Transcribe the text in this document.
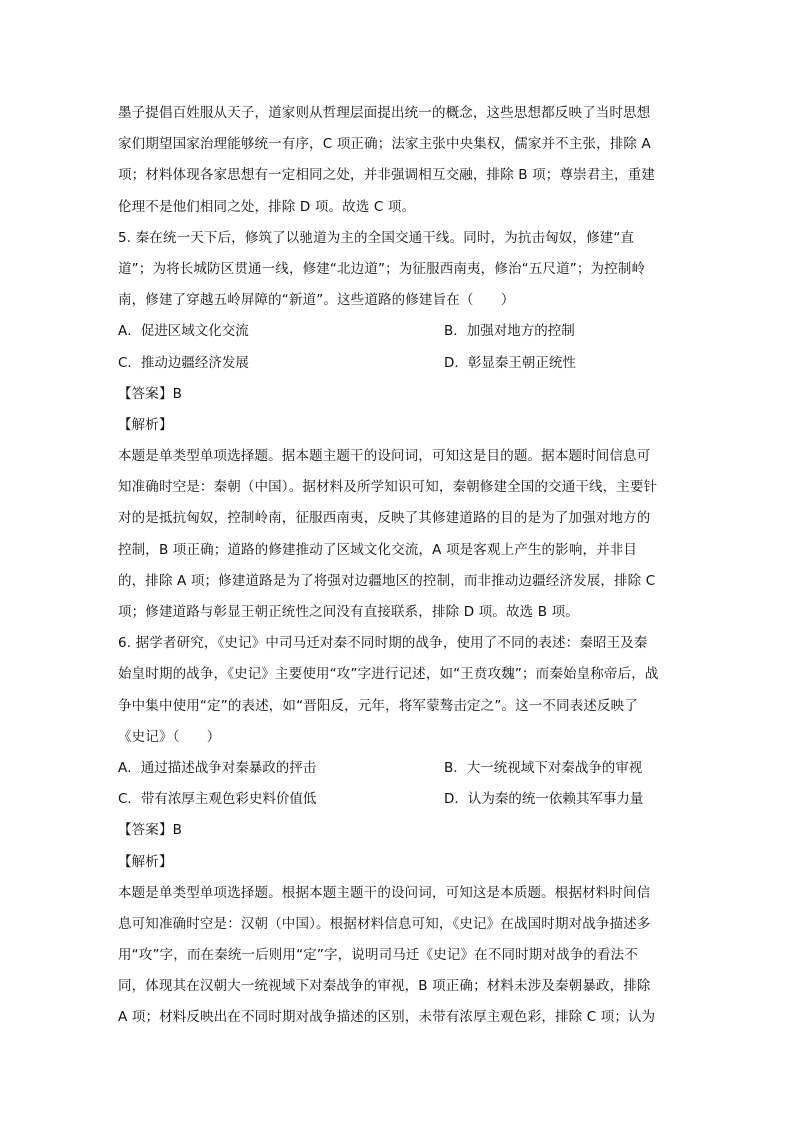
墨子提倡百姓服从天子，道家则从哲理层面提出统一的概念，这些思想都反映了当时思想
家们期望国家治理能够统一有序，C 项正确；法家主张中央集权，儒家并不主张，排除 A
项；材料体现各家思想有一定相同之处，并非强调相互交融，排除 B 项；尊崇君主，重建
伦理不是他们相同之处，排除 D 项。故选 C 项。
5. 秦在统一天下后，修筑了以驰道为主的全国交通干线。同时，为抗击匈奴，修建“直
道”；为将长城防区贯通一线，修建“北边道”；为征服西南夷，修治“五尺道”；为控制岭
南，修建了穿越五岭屏障的“新道”。这些道路的修建旨在（　　）
A．促进区域文化交流	B．加强对地方的控制
C．推动边疆经济发展	D．彰显秦王朝正统性
【答案】B
【解析】
本题是单类型单项选择题。据本题主题干的设问词，可知这是目的题。据本题时间信息可
知准确时空是：秦朝（中国）。据材料及所学知识可知，秦朝修建全国的交通干线，主要针
对的是抵抗匈奴，控制岭南，征服西南夷，反映了其修建道路的目的是为了加强对地方的
控制，B 项正确；道路的修建推动了区域文化交流，A 项是客观上产生的影响，并非目
的，排除 A 项；修建道路是为了将强对边疆地区的控制，而非推动边疆经济发展，排除 C
项；修建道路与彰显王朝正统性之间没有直接联系，排除 D 项。故选 B 项。
6. 据学者研究，《史记》中司马迁对秦不同时期的战争，使用了不同的表述：秦昭王及秦
始皇时期的战争，《史记》主要使用“攻”字进行记述，如“王贲攻魏”；而秦始皇称帝后，战
争中集中使用“定”的表述，如“晋阳反，元年，将军蒙骜击定之”。这一不同表述反映了
《史记》（　　）
A．通过描述战争对秦暴政的抨击	B．大一统视域下对秦战争的审视
C．带有浓厚主观色彩史料价值低	D．认为秦的统一依赖其军事力量
【答案】B
【解析】
本题是单类型单项选择题。根据本题主题干的设问词，可知这是本质题。根据材料时间信
息可知准确时空是：汉朝（中国）。根据材料信息可知，《史记》在战国时期对战争描述多
用“攻”字，而在秦统一后则用“定”字，说明司马迁《史记》在不同时期对战争的看法不
同，体现其在汉朝大一统视域下对秦战争的审视，B 项正确；材料未涉及秦朝暴政，排除
A 项；材料反映出在不同时期对战争描述的区别，未带有浓厚主观色彩，排除 C 项；认为
